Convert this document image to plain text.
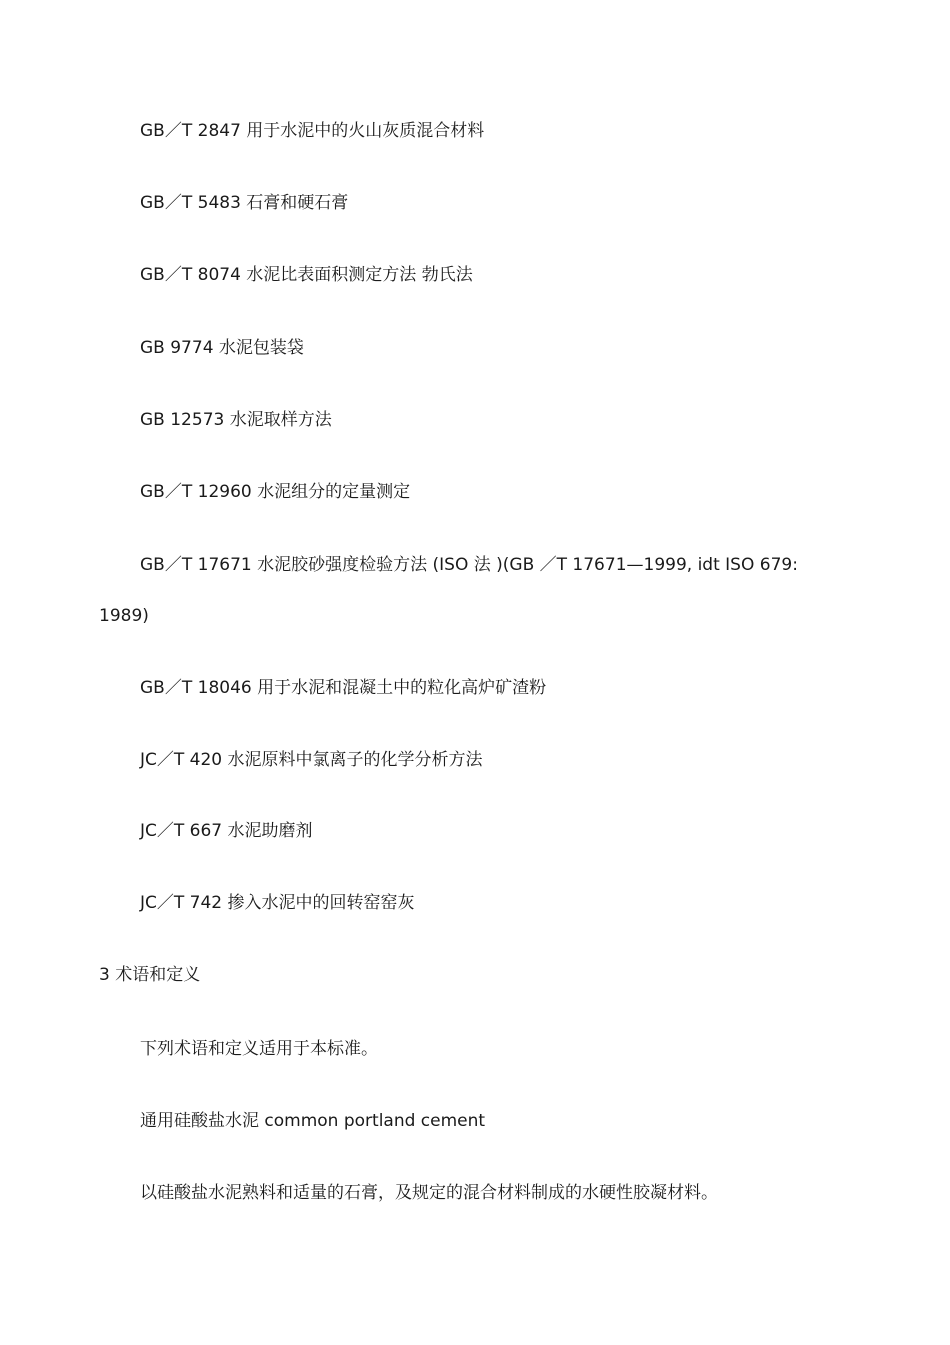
GB／T 2847 用于水泥中的火山灰质混合材料
GB／T 5483 石膏和硬石膏
GB／T 8074 水泥比表面积测定方法 勃氏法
GB 9774 水泥包装袋
GB 12573 水泥取样方法
GB／T 12960 水泥组分的定量测定
GB／T 17671 水泥胶砂强度检验方法 (ISO 法 )(GB ／T 17671—1999, idt ISO 679:
1989)
GB／T 18046 用于水泥和混凝土中的粒化高炉矿渣粉
JC／T 420 水泥原料中氯离子的化学分析方法
JC／T 667 水泥助磨剂
JC／T 742 掺入水泥中的回转窑窑灰
3 术语和定义
下列术语和定义适用于本标准。
通用硅酸盐水泥 common portland cement
以硅酸盐水泥熟料和适量的石膏，及规定的混合材料制成的水硬性胶凝材料。
